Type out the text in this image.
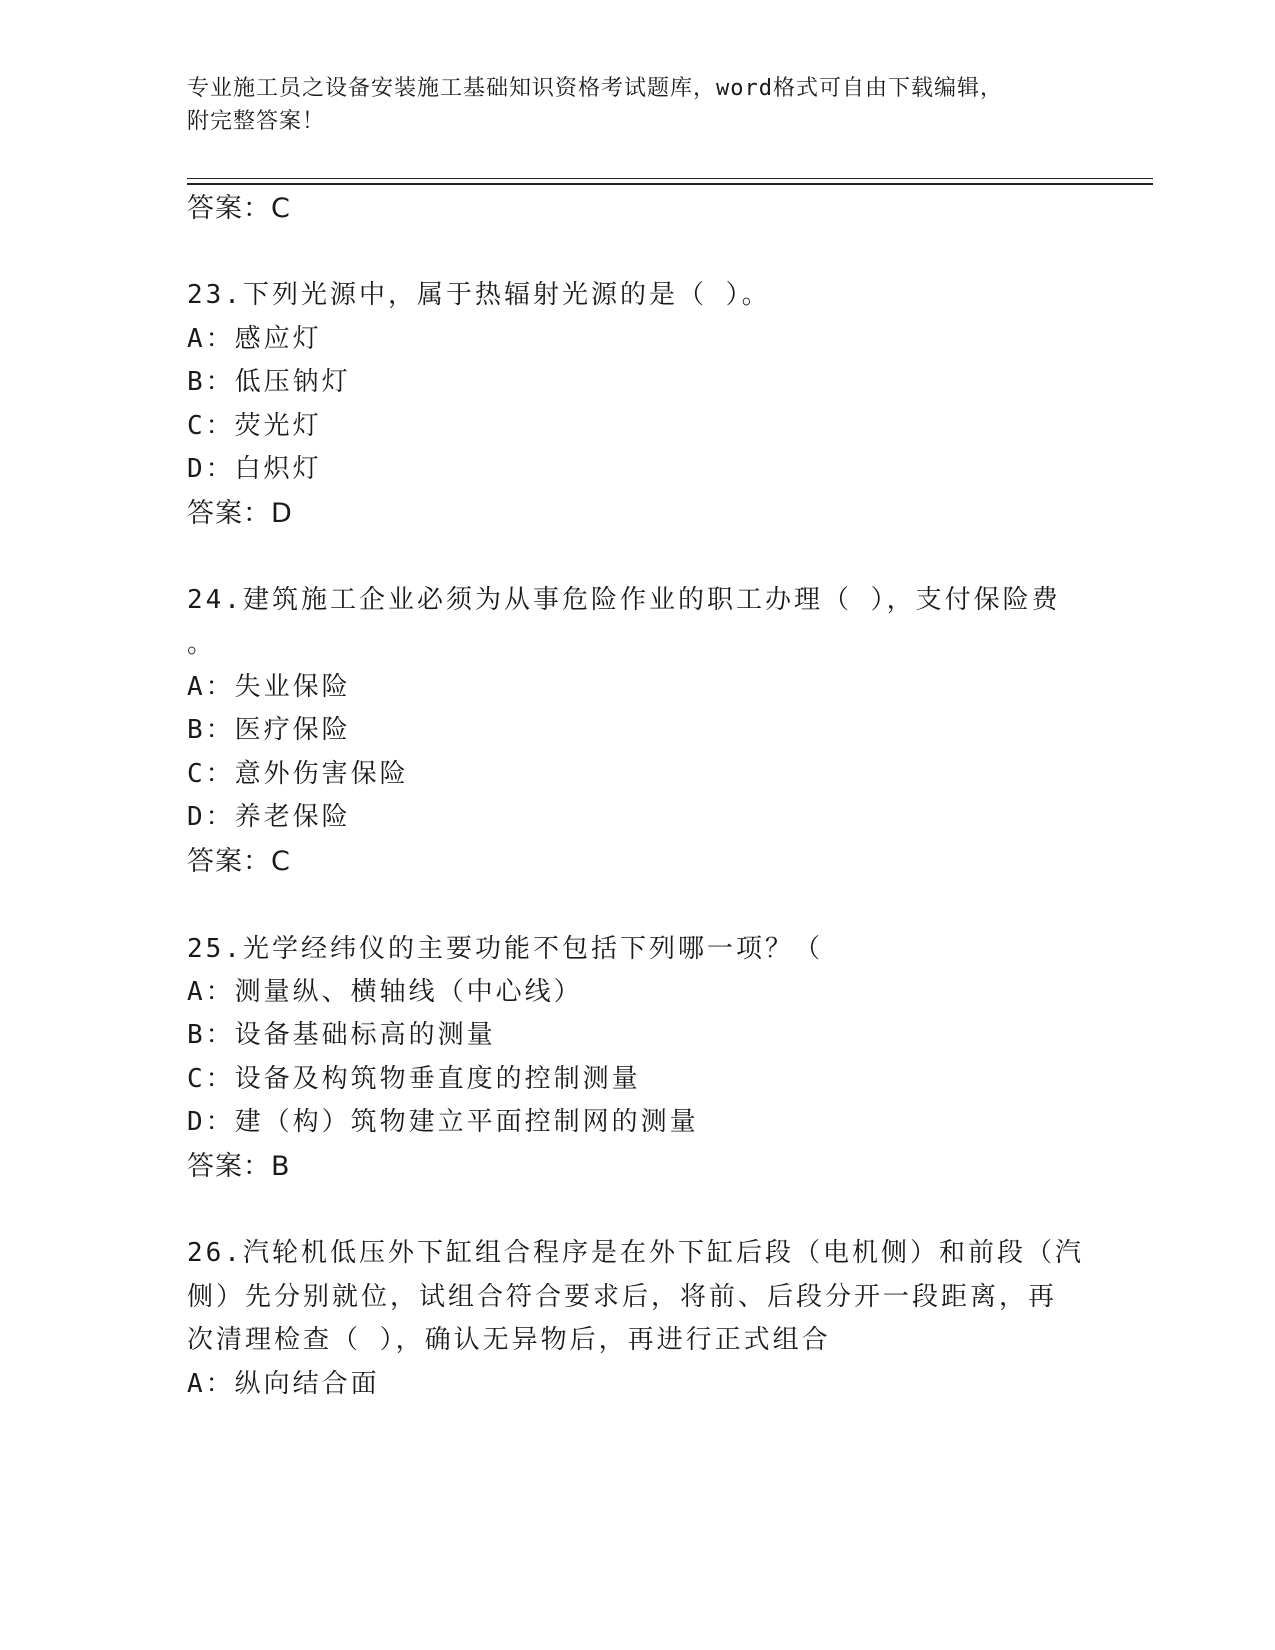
专业施工员之设备安装施工基础知识资格考试题库，word格式可自由下载编辑，
附完整答案！
答案：C
23.下列光源中，属于热辐射光源的是（ ）。
A：感应灯
B：低压钠灯
C：荧光灯
D：白炽灯
答案：D
24.建筑施工企业必须为从事危险作业的职工办理（ ），支付保险费
。
A：失业保险
B：医疗保险
C：意外伤害保险
D：养老保险
答案：C
25.光学经纬仪的主要功能不包括下列哪一项？（
A：测量纵、横轴线（中心线）
B：设备基础标高的测量
C：设备及构筑物垂直度的控制测量
D：建（构）筑物建立平面控制网的测量
答案：B
26.汽轮机低压外下缸组合程序是在外下缸后段（电机侧）和前段（汽
侧）先分别就位，试组合符合要求后，将前、后段分开一段距离，再
次清理检查（ ），确认无异物后，再进行正式组合
A：纵向结合面
